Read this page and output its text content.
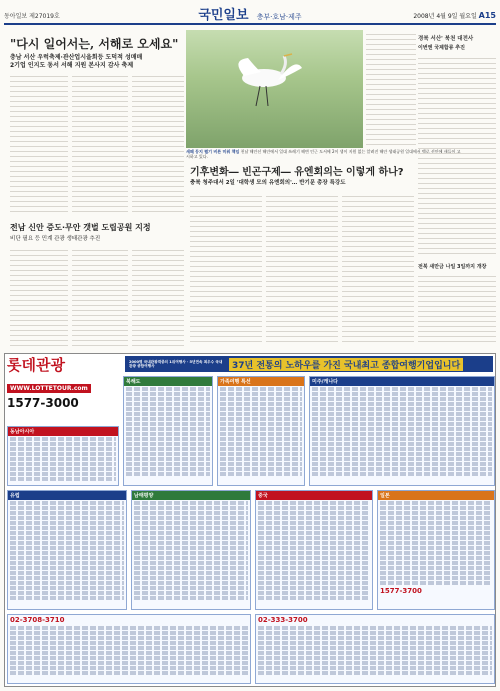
동아일보 제27019호	국민일보 충부·호남·제주	2008년 4월 9일 월요일 A15
"다시 일어서는, 서해로 오세요"
충남 서산 우럭축제·관산업시을회등 도덕적 성매매
2기업 인지도 동서 서해 지원 본사지 감사 축제
새떼 등지 펼기 비른 미워 책임 천남 해안선 해안에서 일대 쓰레기 해변 인근 도서에 2이 생이 지원 없는 알려진 해안 생태공원 일대에서 백로 선안에 새들이 고시하고 있다.
경북 서산' 북천 대전사
이번엔 국제합류 추진
기후변화― 빈곤구제― 유엔회의는 이렇게 하나?
충북 청주대서 2일 '대학생 모의 유엔회의'… 반기문 총장 특강도
전남 신안 증도·무안 갯벌 도립공원 지정
비단 필요 등 민계 관광 생태관광 추진
전북 새만금 나일 3일까지 개장
롯데관광
WWW.LOTTETOUR.com
1577-3000
2000명 국내관광객중의 1위여행사 · 5년연속 최우수 국내관광 종합여행사	37년 전통의 노하우를 가진 국내최고 종합여행기업입니다
동남아시아
북해도	가족여행 특선	미주/캐나다
유럽	남태평양	중국	일본
1577-3700
02-3708-3710	02-333-3700
